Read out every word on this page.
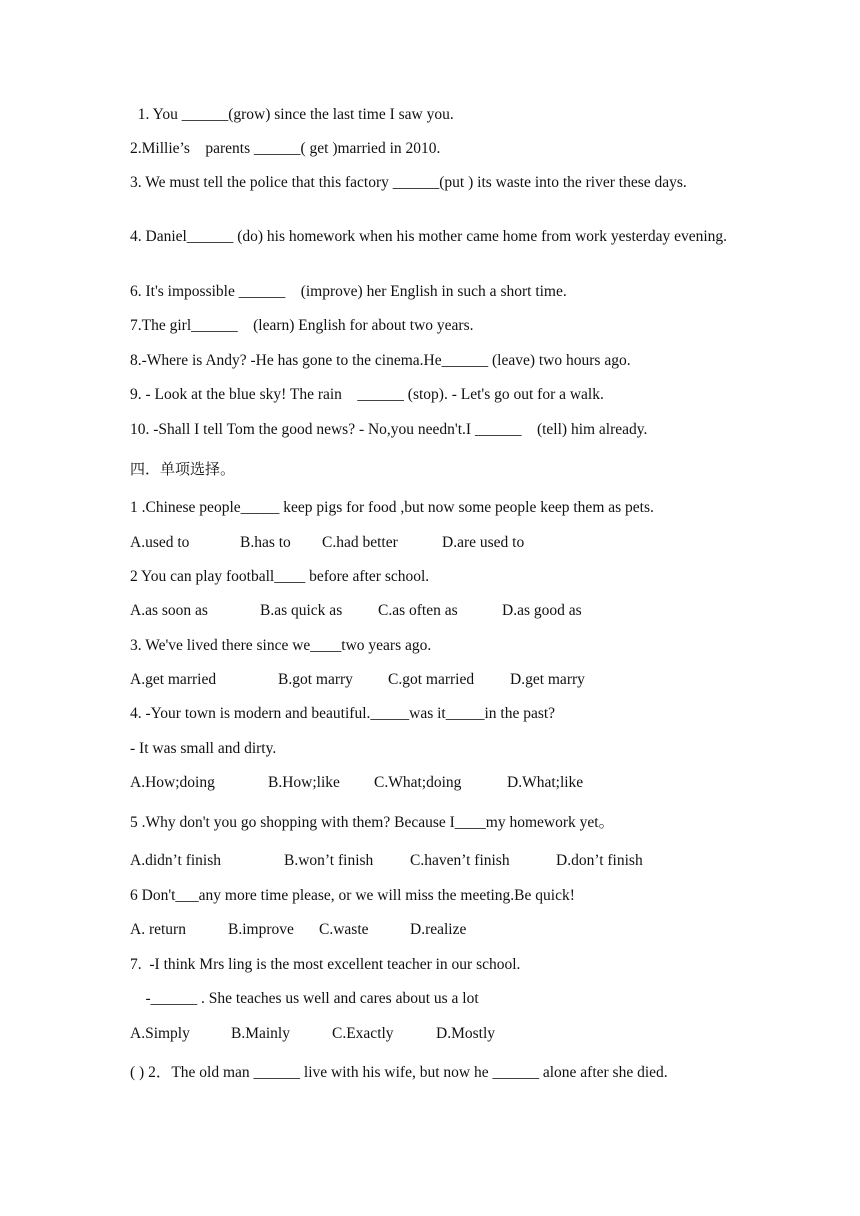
1. You ______(grow) since the last time I saw you.
2.Millie’s    parents ______( get )married in 2010.
3. We must tell the police that this factory ______(put ) its waste into the river these days.
4. Daniel______ (do) his homework when his mother came home from work yesterday evening.
6. It's impossible ______    (improve) her English in such a short time.
7.The girl______    (learn) English for about two years.
8.-Where is Andy? -He has gone to the cinema.He______ (leave) two hours ago.
9. - Look at the blue sky! The rain    ______ (stop). - Let's go out for a walk.
10. -Shall I tell Tom the good news? - No,you needn't.I ______    (tell) him already.
四．单项选择。
1 .Chinese people_____ keep pigs for food ,but now some people keep them as pets.
A.used to	B.has to C.had better	D.are used to
2 You can play football____ before after school.
A.as soon as	B.as quick as C.as often as	D.as good as
3. We've lived there since we____two years ago.
A.get married	B.got marry C.got married D.get marry
4. -Your town is modern and beautiful._____was it_____in the past?
- It was small and dirty.
A.How;doing	B.How;like C.What;doing	D.What;like
5 .Why don't you go shopping with them? Because I____my homework yet。
A.didn’t finish	B.won’t finish C.haven’t finish	D.don’t finish
6 Don't___any more time please, or we will miss the meeting.Be quick!
A. return	B.improve C.waste	D.realize
7.  -I think Mrs ling is the most excellent teacher in our school.
-______ . She teaches us well and cares about us a lot
A.Simply	B.Mainly	C.Exactly	D.Mostly
( ) 2．The old man ______ live with his wife, but now he ______ alone after she died.
